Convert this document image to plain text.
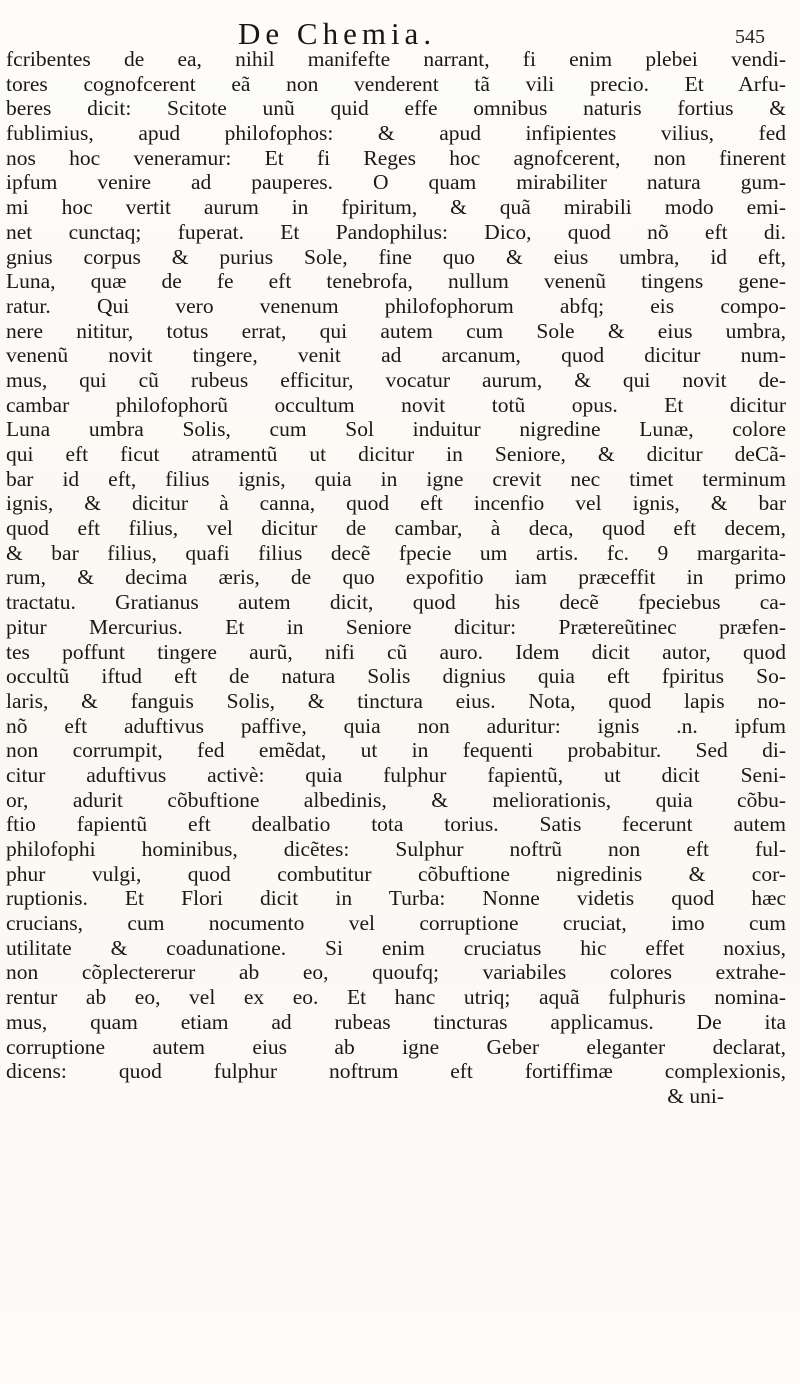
De Chemia.	545
fcribentes de ea, nihil manifefte narrant, fi enim plebei vendi-
tores cognofcerent eã non venderent tã vili precio. Et Arfu-
beres dicit: Scitote unũ quid effe omnibus naturis fortius &
fublimius, apud philofophos: & apud infipientes vilius, fed
nos hoc veneramur: Et fi Reges hoc agnofcerent, non finerent
ipfum venire ad pauperes. O quam mirabiliter natura gum-
mi hoc vertit aurum in fpiritum, & quã mirabili modo emi-
net cunctaq; fuperat. Et Pandophilus: Dico, quod nõ eft di.
gnius corpus & purius Sole, fine quo & eius umbra, id eft,
Luna, quæ de fe eft tenebrofa, nullum venenũ tingens gene-
ratur. Qui vero venenum philofophorum abfq; eis compo-
nere nititur, totus errat, qui autem cum Sole & eius umbra,
venenũ novit tingere, venit ad arcanum, quod dicitur num-
mus, qui cũ rubeus efficitur, vocatur aurum, & qui novit de-
cambar philofophorũ occultum novit totũ opus. Et dicitur
Luna umbra Solis, cum Sol induitur nigredine Lunæ, colore
qui eft ficut atramentũ ut dicitur in Seniore, & dicitur deCã-
bar id eft, filius ignis, quia in igne crevit nec timet terminum
ignis, & dicitur à canna, quod eft incenfio vel ignis, & bar
quod eft filius, vel dicitur de cambar, à deca, quod eft decem,
& bar filius, quafi filius decẽ fpecie um artis. fc. 9 margarita-
rum, & decima æris, de quo expofitio iam præceffit in primo
tractatu. Gratianus autem dicit, quod his decẽ fpeciebus ca-
pitur Mercurius. Et in Seniore dicitur: Prætereũtinec præfen-
tes poffunt tingere aurũ, nifi cũ auro. Idem dicit autor, quod
occultũ iftud eft de natura Solis dignius quia eft fpiritus So-
laris, & fanguis Solis, & tinctura eius. Nota, quod lapis no-
nõ eft aduftivus paffive, quia non aduritur: ignis .n. ipfum
non corrumpit, fed emẽdat, ut in fequenti probabitur. Sed di-
citur aduftivus activè: quia fulphur fapientũ, ut dicit Seni-
or, adurit cõbuftione albedinis, & meliorationis, quia cõbu-
ftio fapientũ eft dealbatio tota torius. Satis fecerunt autem
philofophi hominibus, dicẽtes: Sulphur noftrũ non eft ful-
phur vulgi, quod combutitur cõbuftione nigredinis & cor-
ruptionis. Et Flori dicit in Turba: Nonne videtis quod hæc
crucians, cum nocumento vel corruptione cruciat, imo cum
utilitate & coadunatione. Si enim cruciatus hic effet noxius,
non cõplectererur ab eo, quoufq; variabiles colores extrahe-
rentur ab eo, vel ex eo. Et hanc utriq; aquã fulphuris nomina-
mus, quam etiam ad rubeas tincturas applicamus. De ita
corruptione autem eius ab igne Geber eleganter declarat,
dicens: quod fulphur noftrum eft fortiffimæ complexionis,
& uni-
